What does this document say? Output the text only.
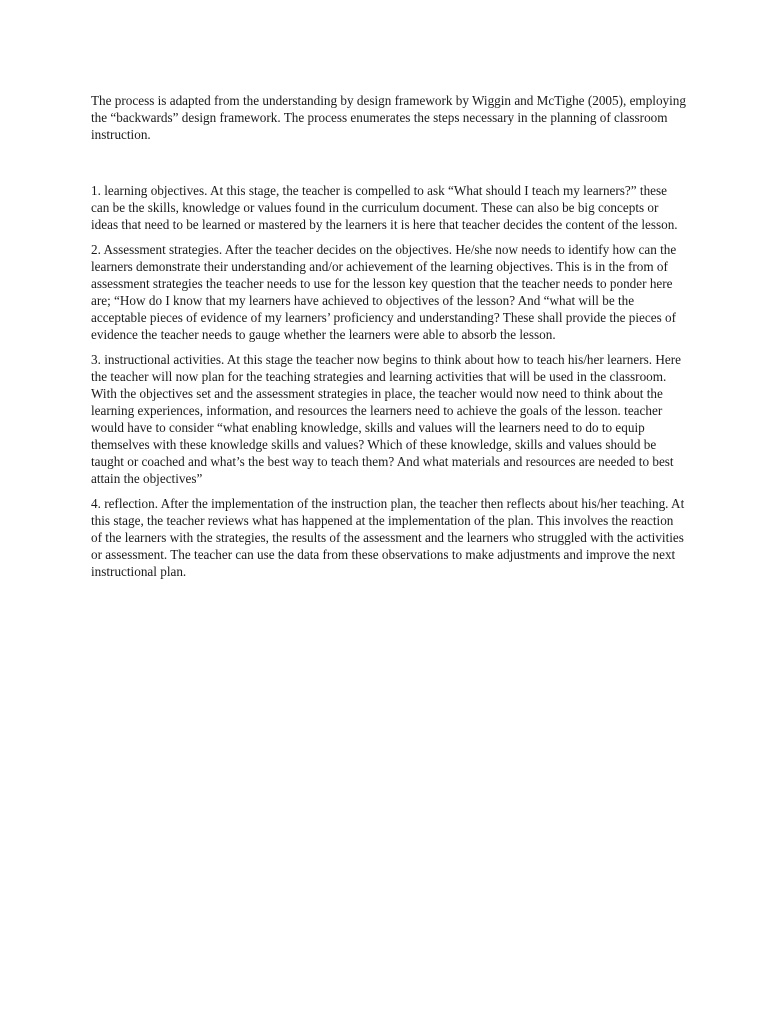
The process is adapted from the understanding by design framework by Wiggin and McTighe (2005), employing the “backwards” design framework. The process enumerates the steps necessary in the planning of classroom instruction.

1. learning objectives. At this stage, the teacher is compelled to ask “What should I teach my learners?” these can be the skills, knowledge or values found in the curriculum document. These can also be big concepts or ideas that need to be learned or mastered by the learners it is here that teacher decides the content of the lesson.

2. Assessment strategies. After the teacher decides on the objectives. He/she now needs to identify how can the learners demonstrate their understanding and/or achievement of the learning objectives. This is in the from of assessment strategies the teacher needs to use for the lesson key question that the teacher needs to ponder here are; “How do I know that my learners have achieved to objectives of the lesson? And “what will be the acceptable pieces of evidence of my learners’ proficiency and understanding? These shall provide the pieces of evidence the teacher needs to gauge whether the learners were able to absorb the lesson.

3. instructional activities. At this stage the teacher now begins to think about how to teach his/her learners. Here the teacher will now plan for the teaching strategies and learning activities that will be used in the classroom. With the objectives set and the assessment strategies in place, the teacher would now need to think about the learning experiences, information, and resources the learners need to achieve the goals of the lesson. teacher would have to consider “what enabling knowledge, skills and values will the learners need to do to equip themselves with these knowledge skills and values? Which of these knowledge, skills and values should be taught or coached and what’s the best way to teach them? And what materials and resources are needed to best attain the objectives”

4. reflection. After the implementation of the instruction plan, the teacher then reflects about his/her teaching. At this stage, the teacher reviews what has happened at the implementation of the plan. This involves the reaction of the learners with the strategies, the results of the assessment and the learners who struggled with the activities or assessment. The teacher can use the data from these observations to make adjustments and improve the next instructional plan.
